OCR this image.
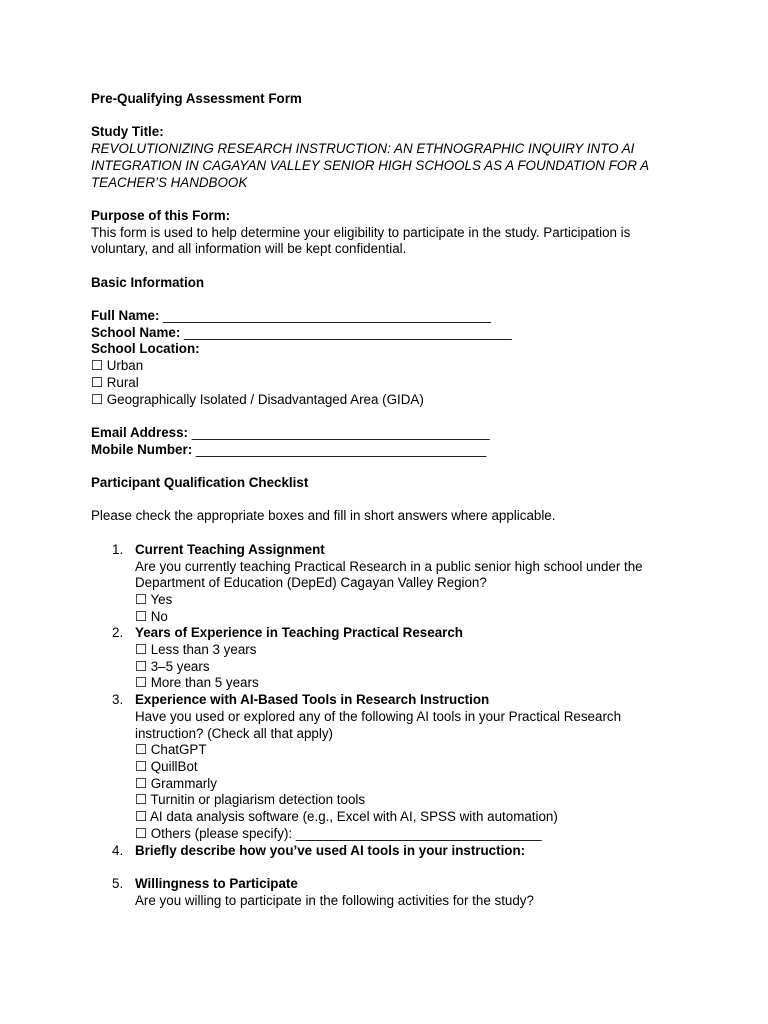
Pre-Qualifying Assessment Form
Study Title:
REVOLUTIONIZING RESEARCH INSTRUCTION: AN ETHNOGRAPHIC INQUIRY INTO AI
INTEGRATION IN CAGAYAN VALLEY SENIOR HIGH SCHOOLS AS A FOUNDATION FOR A
TEACHER’S HANDBOOK
Purpose of this Form:
This form is used to help determine your eligibility to participate in the study. Participation is
voluntary, and all information will be kept confidential.
Basic Information
Full Name: ____________________________________________
School Name: ____________________________________________
School Location:
☐ Urban
☐ Rural
☐ Geographically Isolated / Disadvantaged Area (GIDA)
Email Address: ________________________________________
Mobile Number: _______________________________________
Participant Qualification Checklist
Please check the appropriate boxes and fill in short answers where applicable.
1. Current Teaching Assignment
Are you currently teaching Practical Research in a public senior high school under the
Department of Education (DepEd) Cagayan Valley Region?
☐ Yes
☐ No
2. Years of Experience in Teaching Practical Research
☐ Less than 3 years
☐ 3–5 years
☐ More than 5 years
3. Experience with AI-Based Tools in Research Instruction
Have you used or explored any of the following AI tools in your Practical Research
instruction? (Check all that apply)
☐ ChatGPT
☐ QuillBot
☐ Grammarly
☐ Turnitin or plagiarism detection tools
☐ AI data analysis software (e.g., Excel with AI, SPSS with automation)
☐ Others (please specify): _________________________________
4. Briefly describe how you’ve used AI tools in your instruction:
5. Willingness to Participate
Are you willing to participate in the following activities for the study?
